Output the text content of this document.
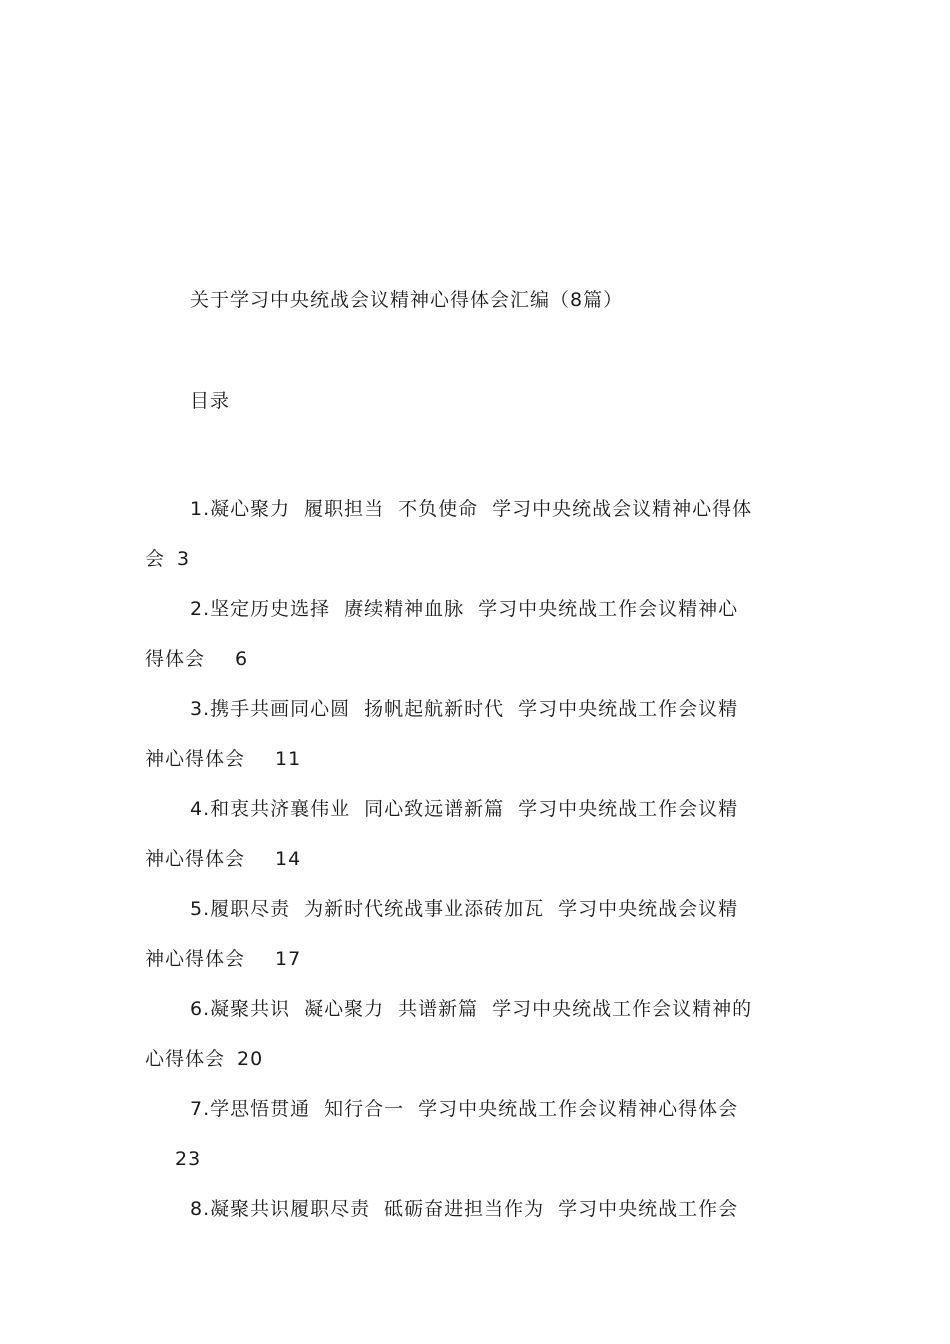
关于学习中央统战会议精神心得体会汇编（8篇）
目录
1.凝心聚力 履职担当 不负使命 学习中央统战会议精神心得体
会 3
2.坚定历史选择 赓续精神血脉 学习中央统战工作会议精神心
得体会 6
3.携手共画同心圆 扬帆起航新时代 学习中央统战工作会议精
神心得体会 11
4.和衷共济襄伟业 同心致远谱新篇 学习中央统战工作会议精
神心得体会 14
5.履职尽责 为新时代统战事业添砖加瓦 学习中央统战会议精
神心得体会 17
6.凝聚共识 凝心聚力 共谱新篇 学习中央统战工作会议精神的
心得体会 20
7.学思悟贯通 知行合一 学习中央统战工作会议精神心得体会
23
8.凝聚共识履职尽责 砥砺奋进担当作为 学习中央统战工作会
